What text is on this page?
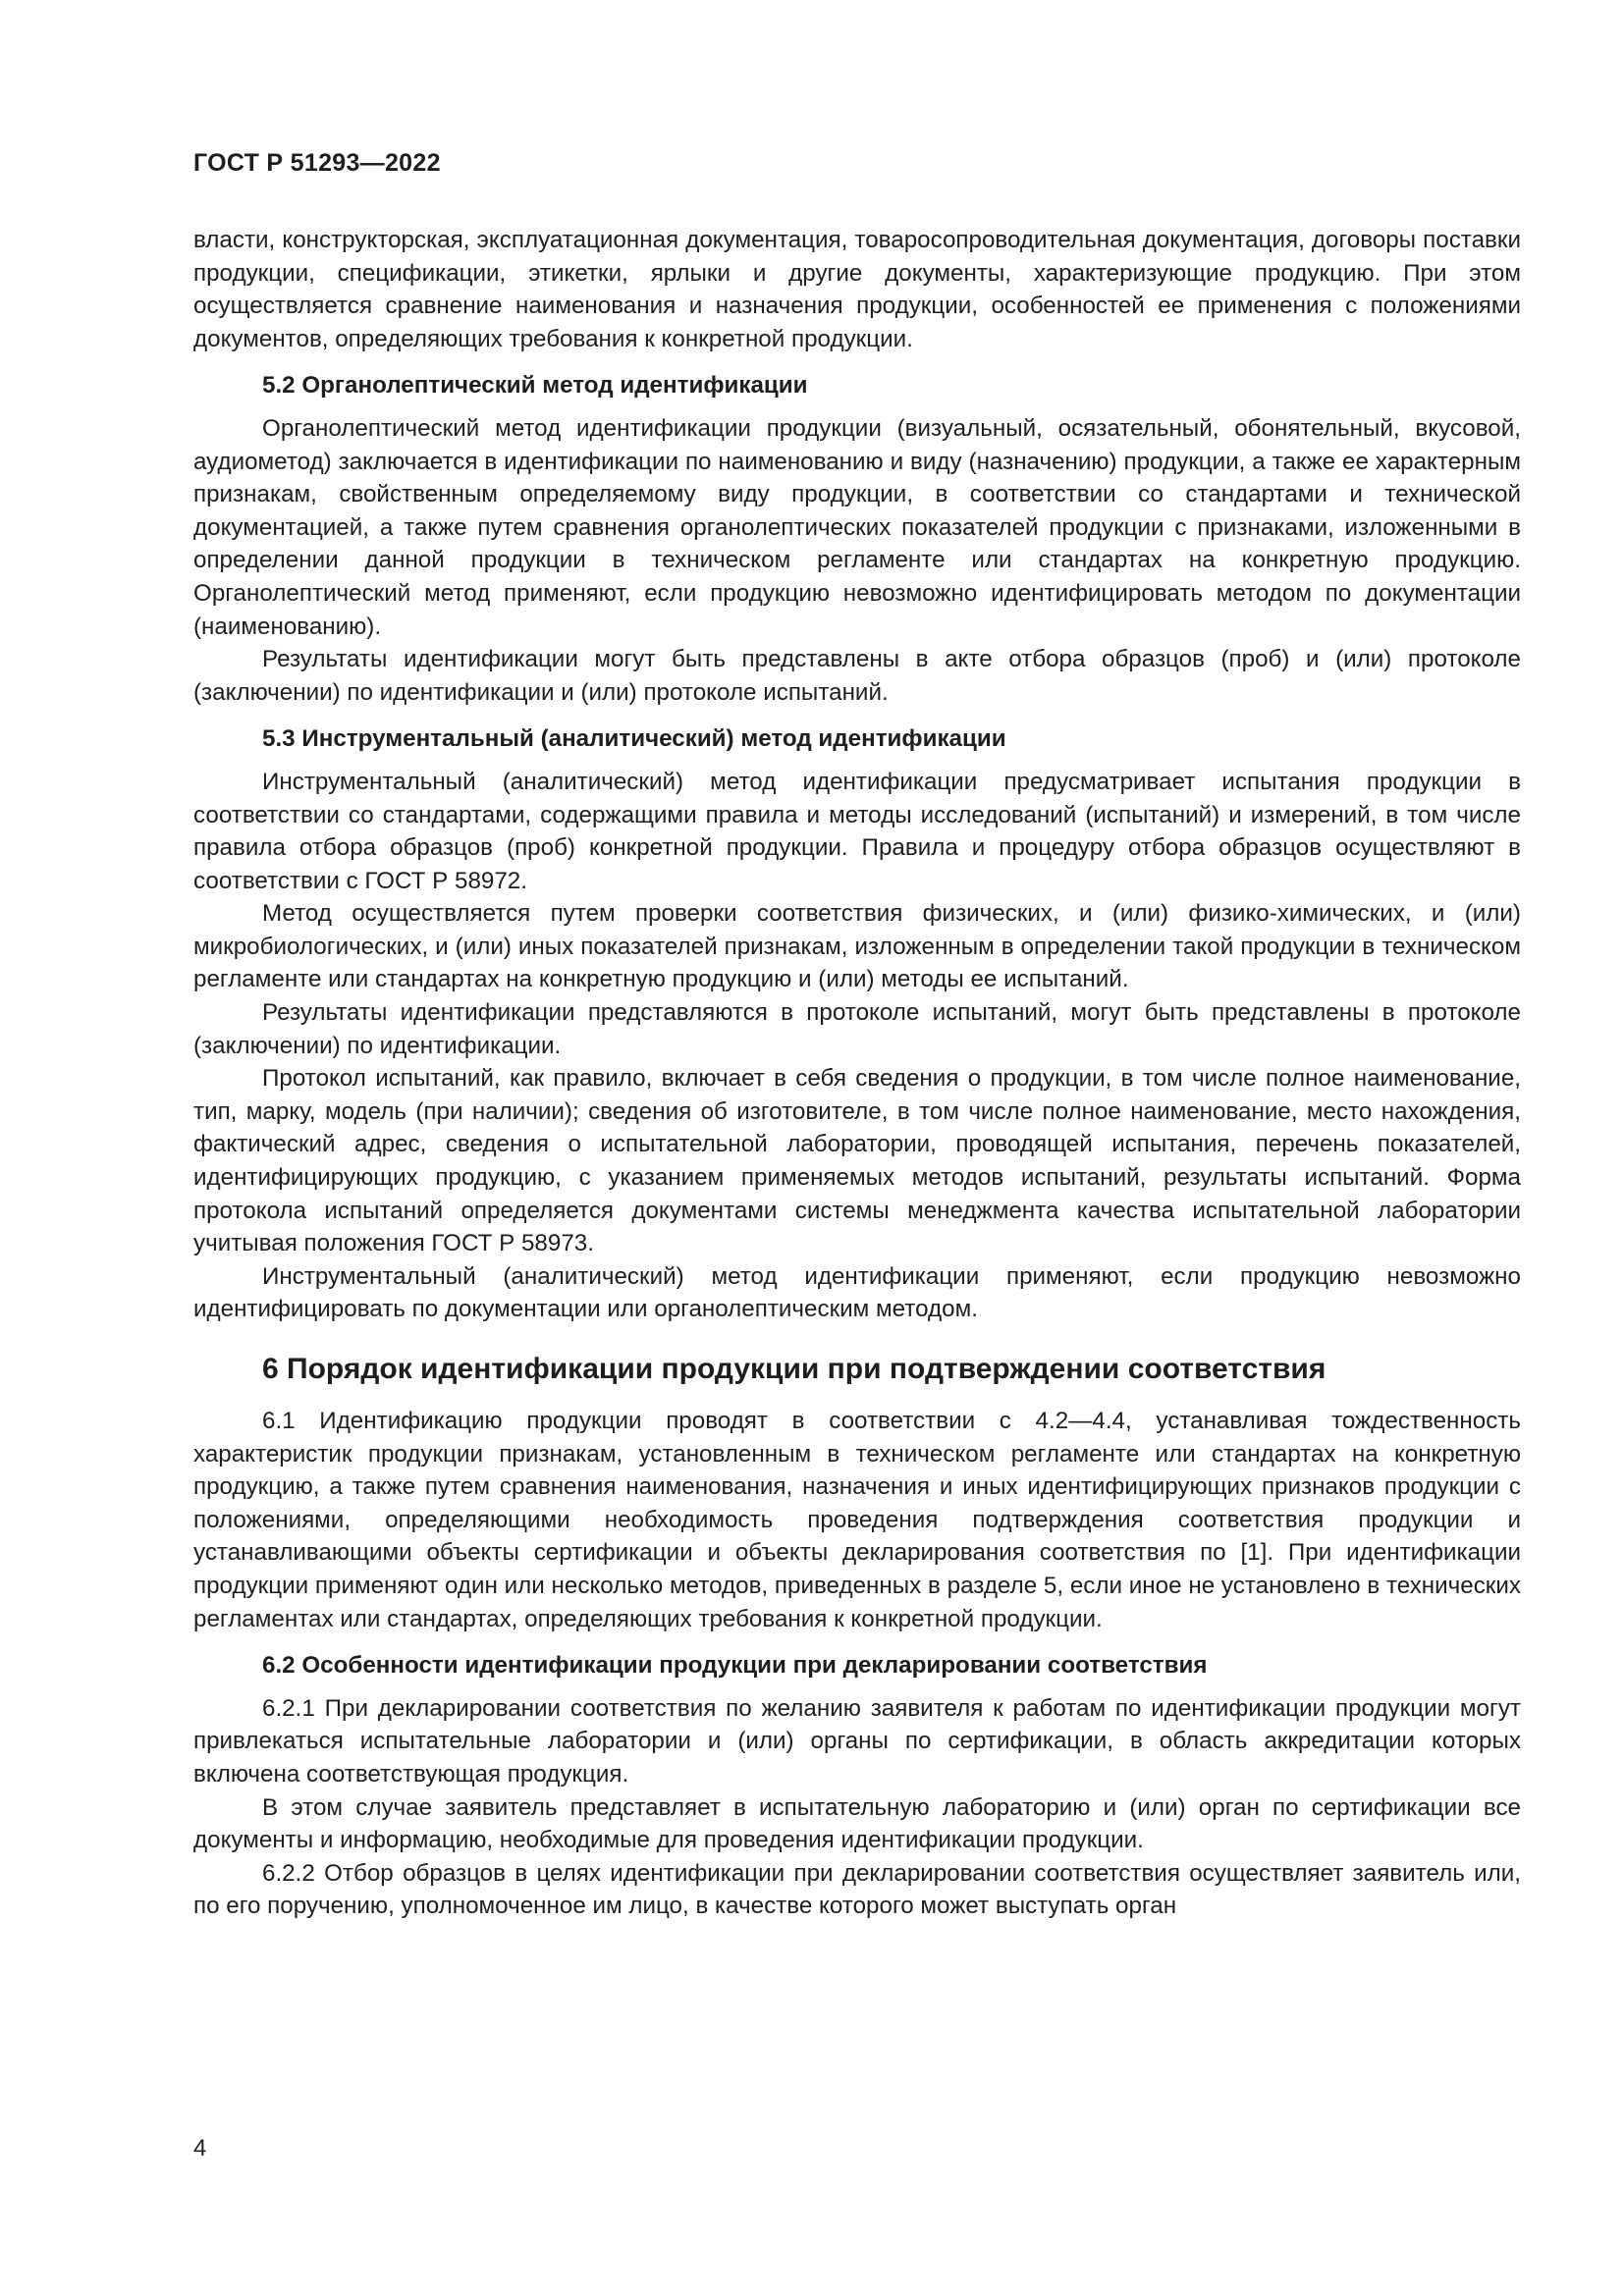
ГОСТ Р 51293—2022

власти, конструкторская, эксплуатационная документация, товаросопроводительная документация, договоры поставки продукции, спецификации, этикетки, ярлыки и другие документы, характеризующие продукцию. При этом осуществляется сравнение наименования и назначения продукции, особенностей ее применения с положениями документов, определяющих требования к конкретной продукции.

5.2 Органолептический метод идентификации

Органолептический метод идентификации продукции (визуальный, осязательный, обонятельный, вкусовой, аудиометод) заключается в идентификации по наименованию и виду (назначению) продукции, а также ее характерным признакам, свойственным определяемому виду продукции, в соответствии со стандартами и технической документацией, а также путем сравнения органолептических показателей продукции с признаками, изложенными в определении данной продукции в техническом регламенте или стандартах на конкретную продукцию. Органолептический метод применяют, если продукцию невозможно идентифицировать методом по документации (наименованию).

Результаты идентификации могут быть представлены в акте отбора образцов (проб) и (или) протоколе (заключении) по идентификации и (или) протоколе испытаний.

5.3 Инструментальный (аналитический) метод идентификации

Инструментальный (аналитический) метод идентификации предусматривает испытания продукции в соответствии со стандартами, содержащими правила и методы исследований (испытаний) и измерений, в том числе правила отбора образцов (проб) конкретной продукции. Правила и процедуру отбора образцов осуществляют в соответствии с ГОСТ Р 58972.

Метод осуществляется путем проверки соответствия физических, и (или) физико-химических, и (или) микробиологических, и (или) иных показателей признакам, изложенным в определении такой продукции в техническом регламенте или стандартах на конкретную продукцию и (или) методы ее испытаний.

Результаты идентификации представляются в протоколе испытаний, могут быть представлены в протоколе (заключении) по идентификации.

Протокол испытаний, как правило, включает в себя сведения о продукции, в том числе полное наименование, тип, марку, модель (при наличии); сведения об изготовителе, в том числе полное наименование, место нахождения, фактический адрес, сведения о испытательной лаборатории, проводящей испытания, перечень показателей, идентифицирующих продукцию, с указанием применяемых методов испытаний, результаты испытаний. Форма протокола испытаний определяется документами системы менеджмента качества испытательной лаборатории учитывая положения ГОСТ Р 58973.

Инструментальный (аналитический) метод идентификации применяют, если продукцию невозможно идентифицировать по документации или органолептическим методом.

6 Порядок идентификации продукции при подтверждении соответствия

6.1 Идентификацию продукции проводят в соответствии с 4.2—4.4, устанавливая тождественность характеристик продукции признакам, установленным в техническом регламенте или стандартах на конкретную продукцию, а также путем сравнения наименования, назначения и иных идентифицирующих признаков продукции с положениями, определяющими необходимость проведения подтверждения соответствия продукции и устанавливающими объекты сертификации и объекты декларирования соответствия по [1]. При идентификации продукции применяют один или несколько методов, приведенных в разделе 5, если иное не установлено в технических регламентах или стандартах, определяющих требования к конкретной продукции.

6.2 Особенности идентификации продукции при декларировании соответствия

6.2.1 При декларировании соответствия по желанию заявителя к работам по идентификации продукции могут привлекаться испытательные лаборатории и (или) органы по сертификации, в область аккредитации которых включена соответствующая продукция.

В этом случае заявитель представляет в испытательную лабораторию и (или) орган по сертификации все документы и информацию, необходимые для проведения идентификации продукции.

6.2.2 Отбор образцов в целях идентификации при декларировании соответствия осуществляет заявитель или, по его поручению, уполномоченное им лицо, в качестве которого может выступать орган

4
